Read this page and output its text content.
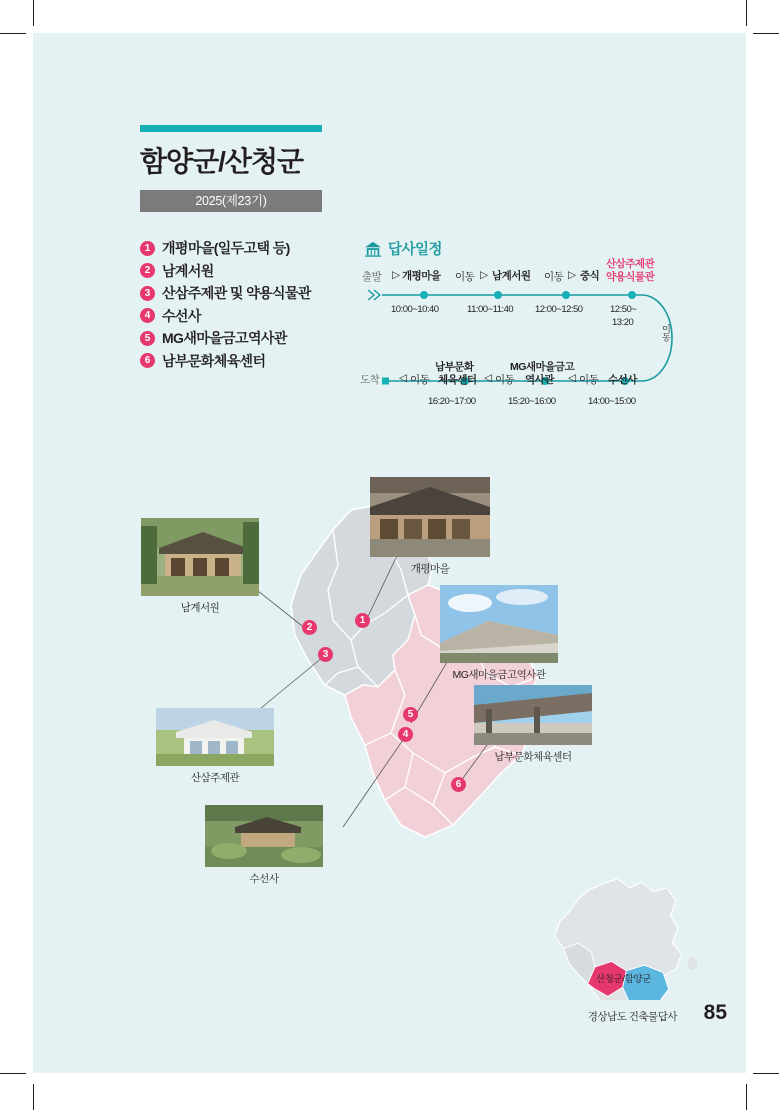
함양군/산청군
2025(제23기)
1 개평마을(일두고택 등)
2 남계서원
3 산삼주제관 및 약용식물관
4 수선사
5 MG새마을금고역사관
6 남부문화체육센터
답사일정
출발 ▷ 개평마을 이동 ▷ 남계서원 이동 ▷ 중식
산삼주제관
약용식물관
10:00~10:40	11:00~11:40 12:00~12:50	12:50~
13:20
이동
도착 ◁ 이동
남부문화
체육센터 ◁ 이동
MG새마을금고
역사관 ◁ 이동 수선사
16:20~17:00	15:20~16:00	14:00~15:00
개평마을
남계서원
MG새마을금고역사관
산삼주제관
남부문화체육센터
수선사
1
2
3
4
5
6
산청군/함양군
경상남도 건축물답사 85
